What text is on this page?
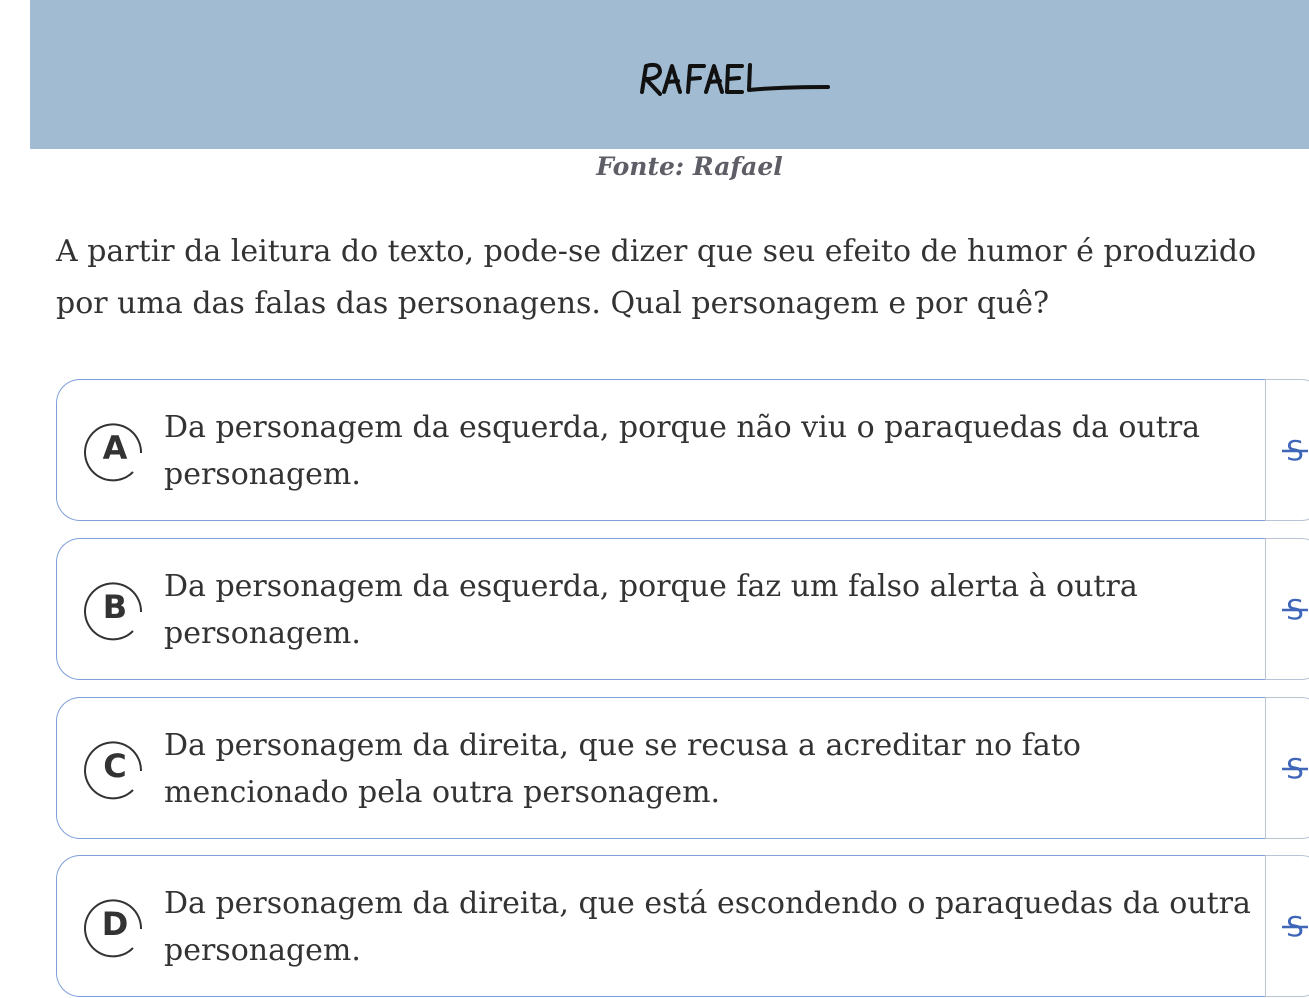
Fonte: Rafael
A partir da leitura do texto, pode-se dizer que seu efeito de humor é produzido por uma das falas das personagens. Qual personagem e por quê?
A
Da personagem da esquerda, porque não viu o paraquedas da outra personagem.
S
B
Da personagem da esquerda, porque faz um falso alerta à outra personagem.
S
C
Da personagem da direita, que se recusa a acreditar no fato mencionado pela outra personagem.
S
D
Da personagem da direita, que está escondendo o paraquedas da outra personagem.
S
